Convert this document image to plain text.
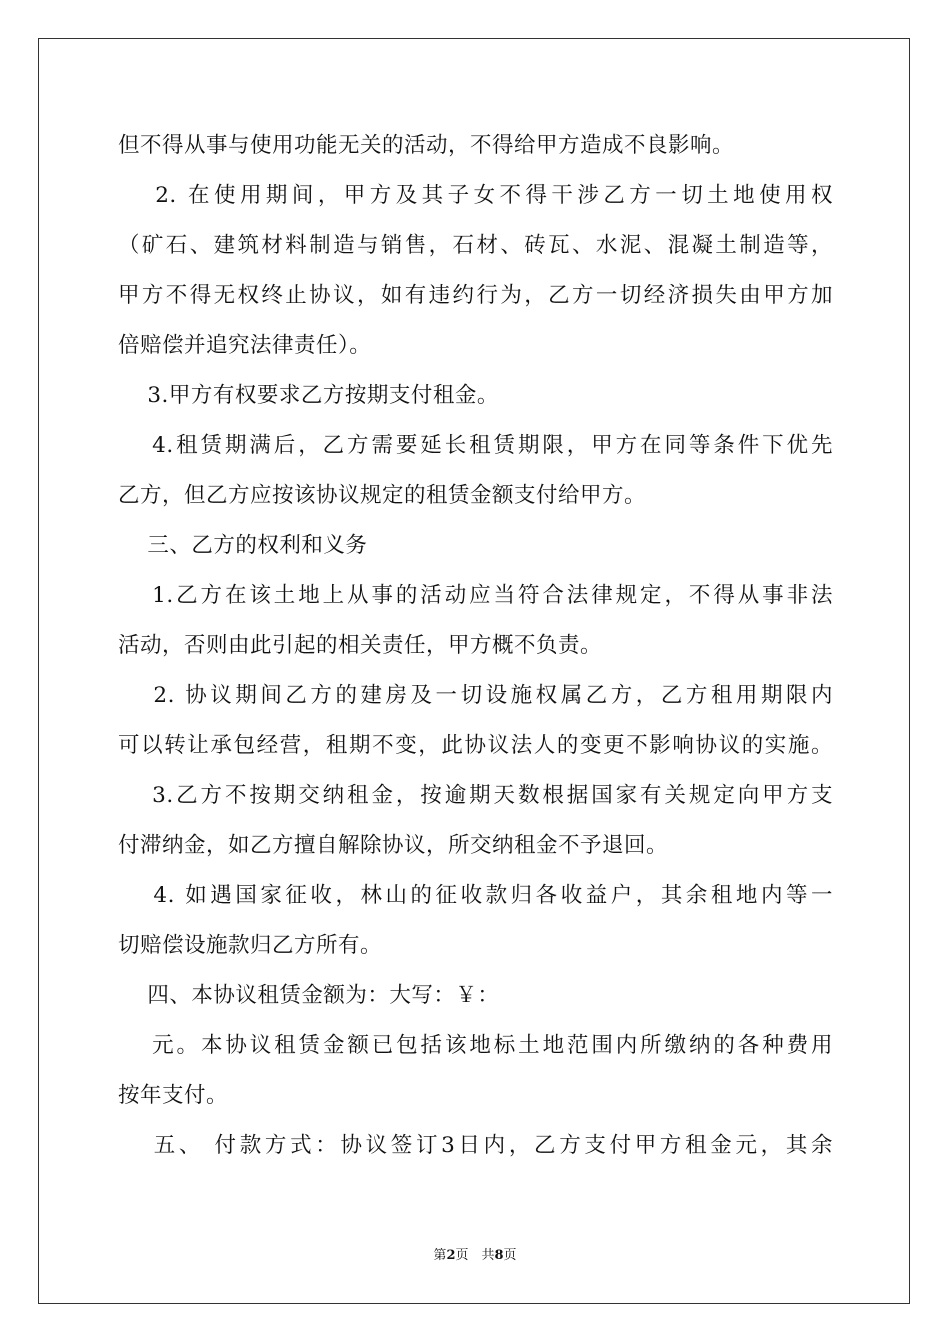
但不得从事与使用功能无关的活动，不得给甲方造成不良影响。
　 2. 在使用期间，甲方及其子女不得干涉乙方一切土地使用权
（矿石、建筑材料制造与销售，石材、砖瓦、水泥、混凝土制造等，
甲方不得无权终止协议，如有违约行为，乙方一切经济损失由甲方加
倍赔偿并追究法律责任）。
　 3.甲方有权要求乙方按期支付租金。
　 4.租赁期满后，乙方需要延长租赁期限，甲方在同等条件下优先
乙方，但乙方应按该协议规定的租赁金额支付给甲方。
　 三、乙方的权利和义务
　 1.乙方在该土地上从事的活动应当符合法律规定，不得从事非法
活动，否则由此引起的相关责任，甲方概不负责。
　 2. 协议期间乙方的建房及一切设施权属乙方，乙方租用期限内
可以转让承包经营，租期不变，此协议法人的变更不影响协议的实施。
　 3.乙方不按期交纳租金，按逾期天数根据国家有关规定向甲方支
付滞纳金，如乙方擅自解除协议，所交纳租金不予退回。
　 4. 如遇国家征收，林山的征收款归各收益户，其余租地内等一
切赔偿设施款归乙方所有。
　 四、本协议租赁金额为：大写：￥：
　 元。本协议租赁金额已包括该地标土地范围内所缴纳的各种费用
按年支付。
　 五、 付款方式：协议签订3日内，乙方支付甲方租金元，其余
第2页　共8页
